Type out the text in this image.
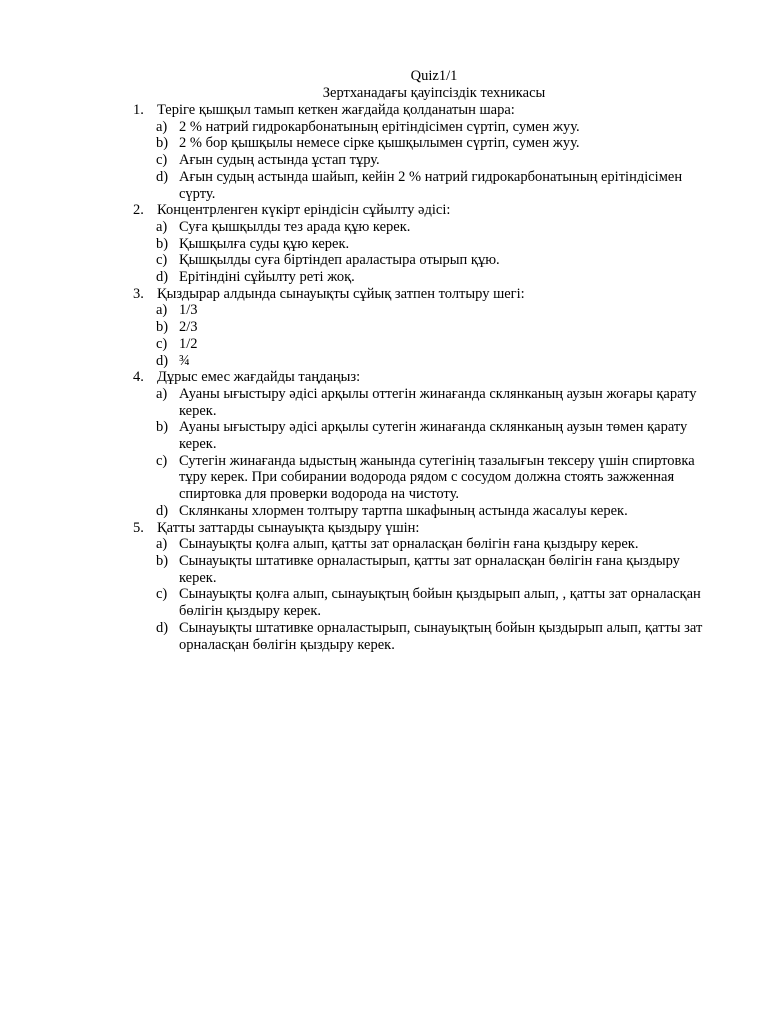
Quiz1/1
Зертханадағы қауіпсіздік техникасы
1. Теріге қышқыл тамып кеткен жағдайда қолданатын шара:
a) 2 % натрий гидрокарбонатының ерітіндісімен сүртіп, сумен жуу.
b) 2 % бор қышқылы немесе сірке қышқылымен сүртіп, сумен жуу.
c) Ағын судың астында ұстап тұру.
d) Ағын судың астында шайып, кейін 2 % натрий гидрокарбонатының ерітіндісімен сүрту.
2. Концентрленген күкірт ерiндiсiн сұйылту әдісі:
a) Суға қышқылды тез арада құю керек.
b) Қышқылға суды құю керек.
c) Қышқылды суға біртіндеп араластыра отырып құю.
d) Ерітіндіні сұйылту реті жоқ.
3. Қыздырар алдында сынауықты сұйық затпен толтыру шегі:
a) 1/3
b) 2/3
c) 1/2
d) ¾
4. Дұрыс емес жағдайды таңдаңыз:
a) Ауаны ығыстыру әдісі арқылы оттегін жинағанда склянканың аузын жоғары қарату керек.
b) Ауаны ығыстыру әдісі арқылы сутегін жинағанда склянканың аузын төмен қарату керек.
c) Сутегін жинағанда ыдыстың жанында сутегінің тазалығын тексеру үшін спиртовка тұру керек. При собирании водорода рядом с сосудом должна стоять зажженная спиртовка для проверки водорода на чистоту.
d) Склянканы хлормен толтыру тартпа шкафының астында жасалуы керек.
5. Қатты заттарды сынауықта қыздыру үшін:
a) Сынауықты қолға алып, қатты зат орналасқан бөлігін ғана қыздыру керек.
b) Сынауықты штативке орналастырып, қатты зат орналасқан бөлігін ғана қыздыру керек.
c) Сынауықты қолға алып, сынауықтың бойын қыздырып алып, , қатты зат орналасқан бөлігін қыздыру керек.
d) Сынауықты штативке орналастырып, сынауықтың бойын қыздырып алып, қатты зат орналасқан бөлігін қыздыру керек.
